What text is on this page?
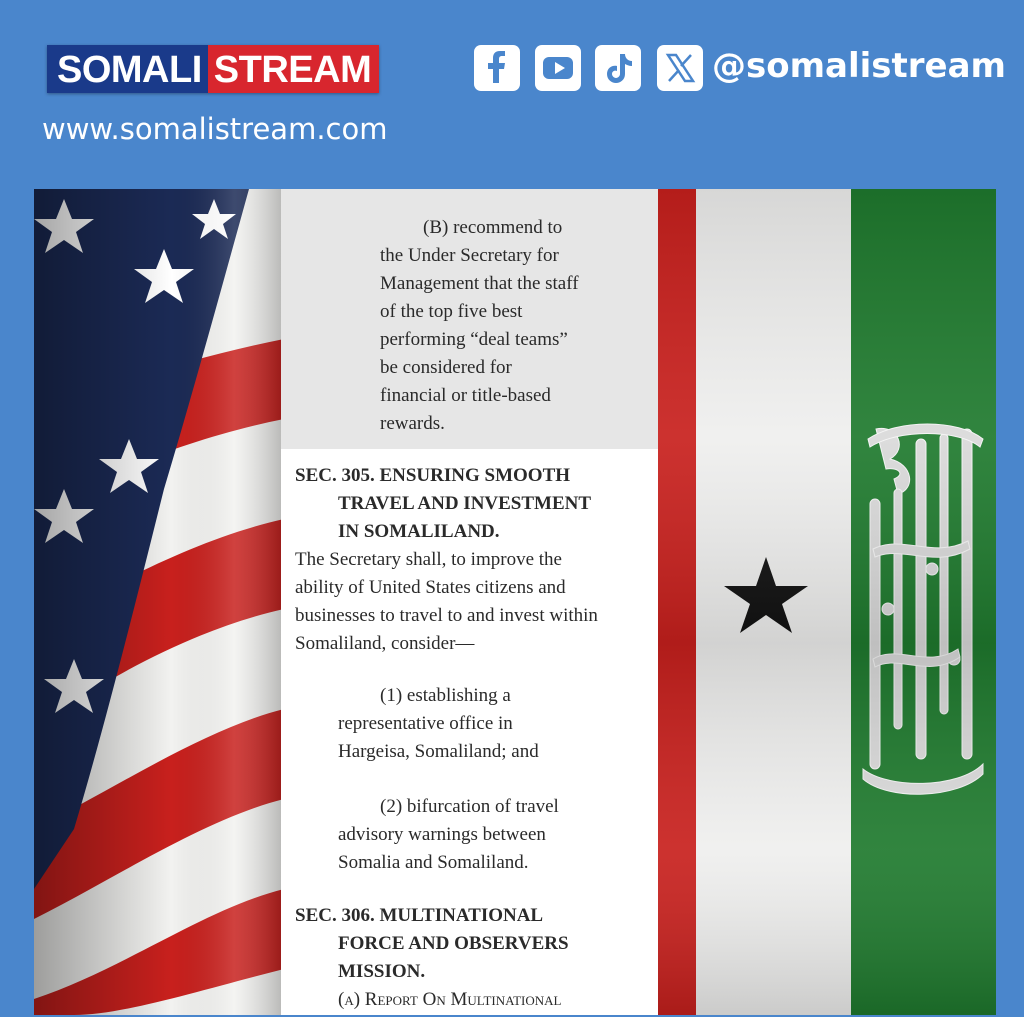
SOMALI STREAM
www.somalistream.com
@somalistream
(B) recommend to
the Under Secretary for
Management that the staff
of the top five best
performing “deal teams”
be considered for
financial or title-based
rewards.
SEC. 305. ENSURING SMOOTH
TRAVEL AND INVESTMENT
IN SOMALILAND.
The Secretary shall, to improve the
ability of United States citizens and
businesses to travel to and invest within
Somaliland, consider—
(1) establishing a
representative office in
Hargeisa, Somaliland; and
(2) bifurcation of travel
advisory warnings between
Somalia and Somaliland.
SEC. 306. MULTINATIONAL
FORCE AND OBSERVERS
MISSION.
(a) Report On Multinational
